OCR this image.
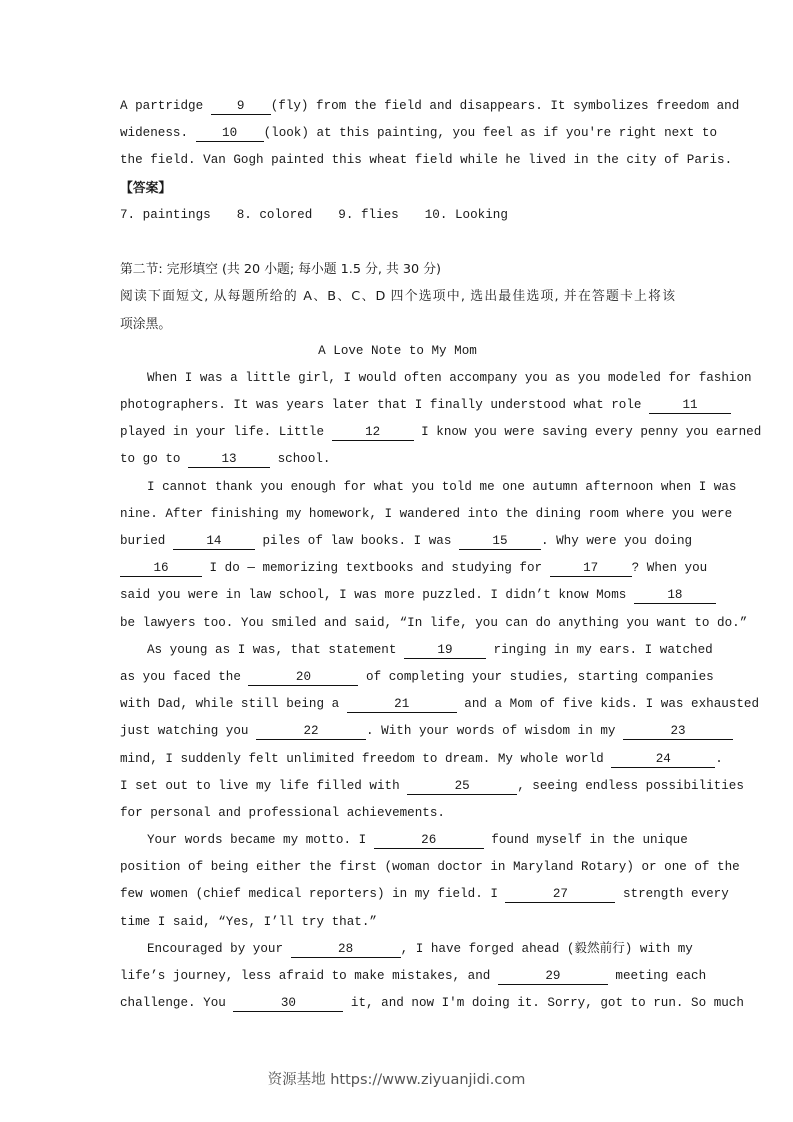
A partridge 9 (fly) from the field and disappears. It symbolizes freedom and
wideness. 10 (look) at this painting, you feel as if you're right next to
the field. Van Gogh painted this wheat field while he lived in the city of Paris.
【答案】
7. paintings 8. colored 9. flies 10. Looking
第二节: 完形填空 (共 20 小题; 每小题 1.5 分, 共 30 分)
阅读下面短文, 从每题所给的 A、B、C、D 四个选项中, 选出最佳选项, 并在答题卡上将该
项涂黑。
A Love Note to My Mom
When I was a little girl, I would often accompany you as you modeled for fashion
photographers. It was years later that I finally understood what role	11
played in your life. Little	12	I know you were saving every penny you earned
to go to	13	school.
I cannot thank you enough for what you told me one autumn afternoon when I was
nine. After finishing my homework, I wandered into the dining room where you were
buried	14	piles of law books. I was	15	. Why were you doing
16	I do — memorizing textbooks and studying for	17	? When you
said you were in law school, I was more puzzled. I didn’t know Moms	18
be lawyers too. You smiled and said, “In life, you can do anything you want to do.”
As young as I was, that statement	19	ringing in my ears. I watched
as you faced the	20	of completing your studies, starting companies
with Dad, while still being a	21	and a Mom of five kids. I was exhausted
just watching you	22	. With your words of wisdom in my	23
mind, I suddenly felt unlimited freedom to dream. My whole world	24	.
I set out to live my life filled with	25	, seeing endless possibilities
for personal and professional achievements.
Your words became my motto. I	26	found myself in the unique
position of being either the first (woman doctor in Maryland Rotary) or one of the
few women (chief medical reporters) in my field. I	27	strength every
time I said, “Yes, I’ll try that.”
Encouraged by your	28	, I have forged ahead (毅然前行) with my
life’s journey, less afraid to make mistakes, and	29	meeting each
challenge. You	30	it, and now I'm doing it. Sorry, got to run. So much
资源基地 https://www.ziyuanjidi.com
